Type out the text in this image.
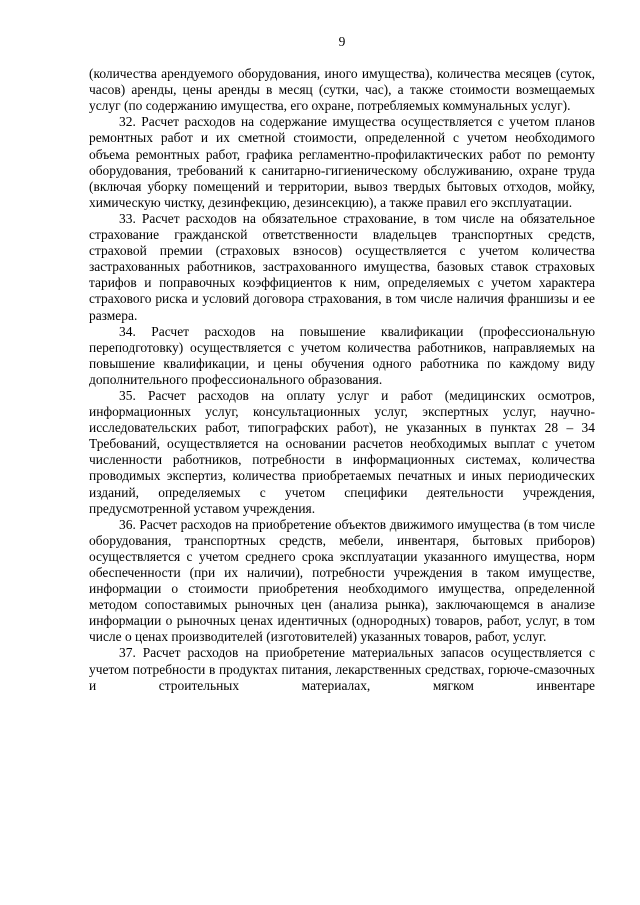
9

(количества арендуемого оборудования, иного имущества), количества месяцев (суток, часов) аренды, цены аренды в месяц (сутки, час), а также стоимости возмещаемых услуг (по содержанию имущества, его охране, потребляемых коммунальных услуг).

32. Расчет расходов на содержание имущества осуществляется с учетом планов ремонтных работ и их сметной стоимости, определенной с учетом необходимого объема ремонтных работ, графика регламентно-профилактических работ по ремонту оборудования, требований к санитарно-гигиеническому обслуживанию, охране труда (включая уборку помещений и территории, вывоз твердых бытовых отходов, мойку, химическую чистку, дезинфекцию, дезинсекцию), а также правил его эксплуатации.

33. Расчет расходов на обязательное страхование, в том числе на обязательное страхование гражданской ответственности владельцев транспортных средств, страховой премии (страховых взносов) осуществляется с учетом количества застрахованных работников, застрахованного имущества, базовых ставок страховых тарифов и поправочных коэффициентов к ним, определяемых с учетом характера страхового риска и условий договора страхования, в том числе наличия франшизы и ее размера.

34. Расчет расходов на повышение квалификации (профессиональную переподготовку) осуществляется с учетом количества работников, направляемых на повышение квалификации, и цены обучения одного работника по каждому виду дополнительного профессионального образования.

35. Расчет расходов на оплату услуг и работ (медицинских осмотров, информационных услуг, консультационных услуг, экспертных услуг, научно-исследовательских работ, типографских работ), не указанных в пунктах 28 – 34 Требований, осуществляется на основании расчетов необходимых выплат с учетом численности работников, потребности в информационных системах, количества проводимых экспертиз, количества приобретаемых печатных и иных периодических изданий, определяемых с учетом специфики деятельности учреждения, предусмотренной уставом учреждения.

36. Расчет расходов на приобретение объектов движимого имущества (в том числе оборудования, транспортных средств, мебели, инвентаря, бытовых приборов) осуществляется с учетом среднего срока эксплуатации указанного имущества, норм обеспеченности (при их наличии), потребности учреждения в таком имуществе, информации о стоимости приобретения необходимого имущества, определенной методом сопоставимых рыночных цен (анализа рынка), заключающемся в анализе информации о рыночных ценах идентичных (однородных) товаров, работ, услуг, в том числе о ценах производителей (изготовителей) указанных товаров, работ, услуг.

37. Расчет расходов на приобретение материальных запасов осуществляется с учетом потребности в продуктах питания, лекарственных средствах, горюче-смазочных и строительных материалах, мягком инвентаре
